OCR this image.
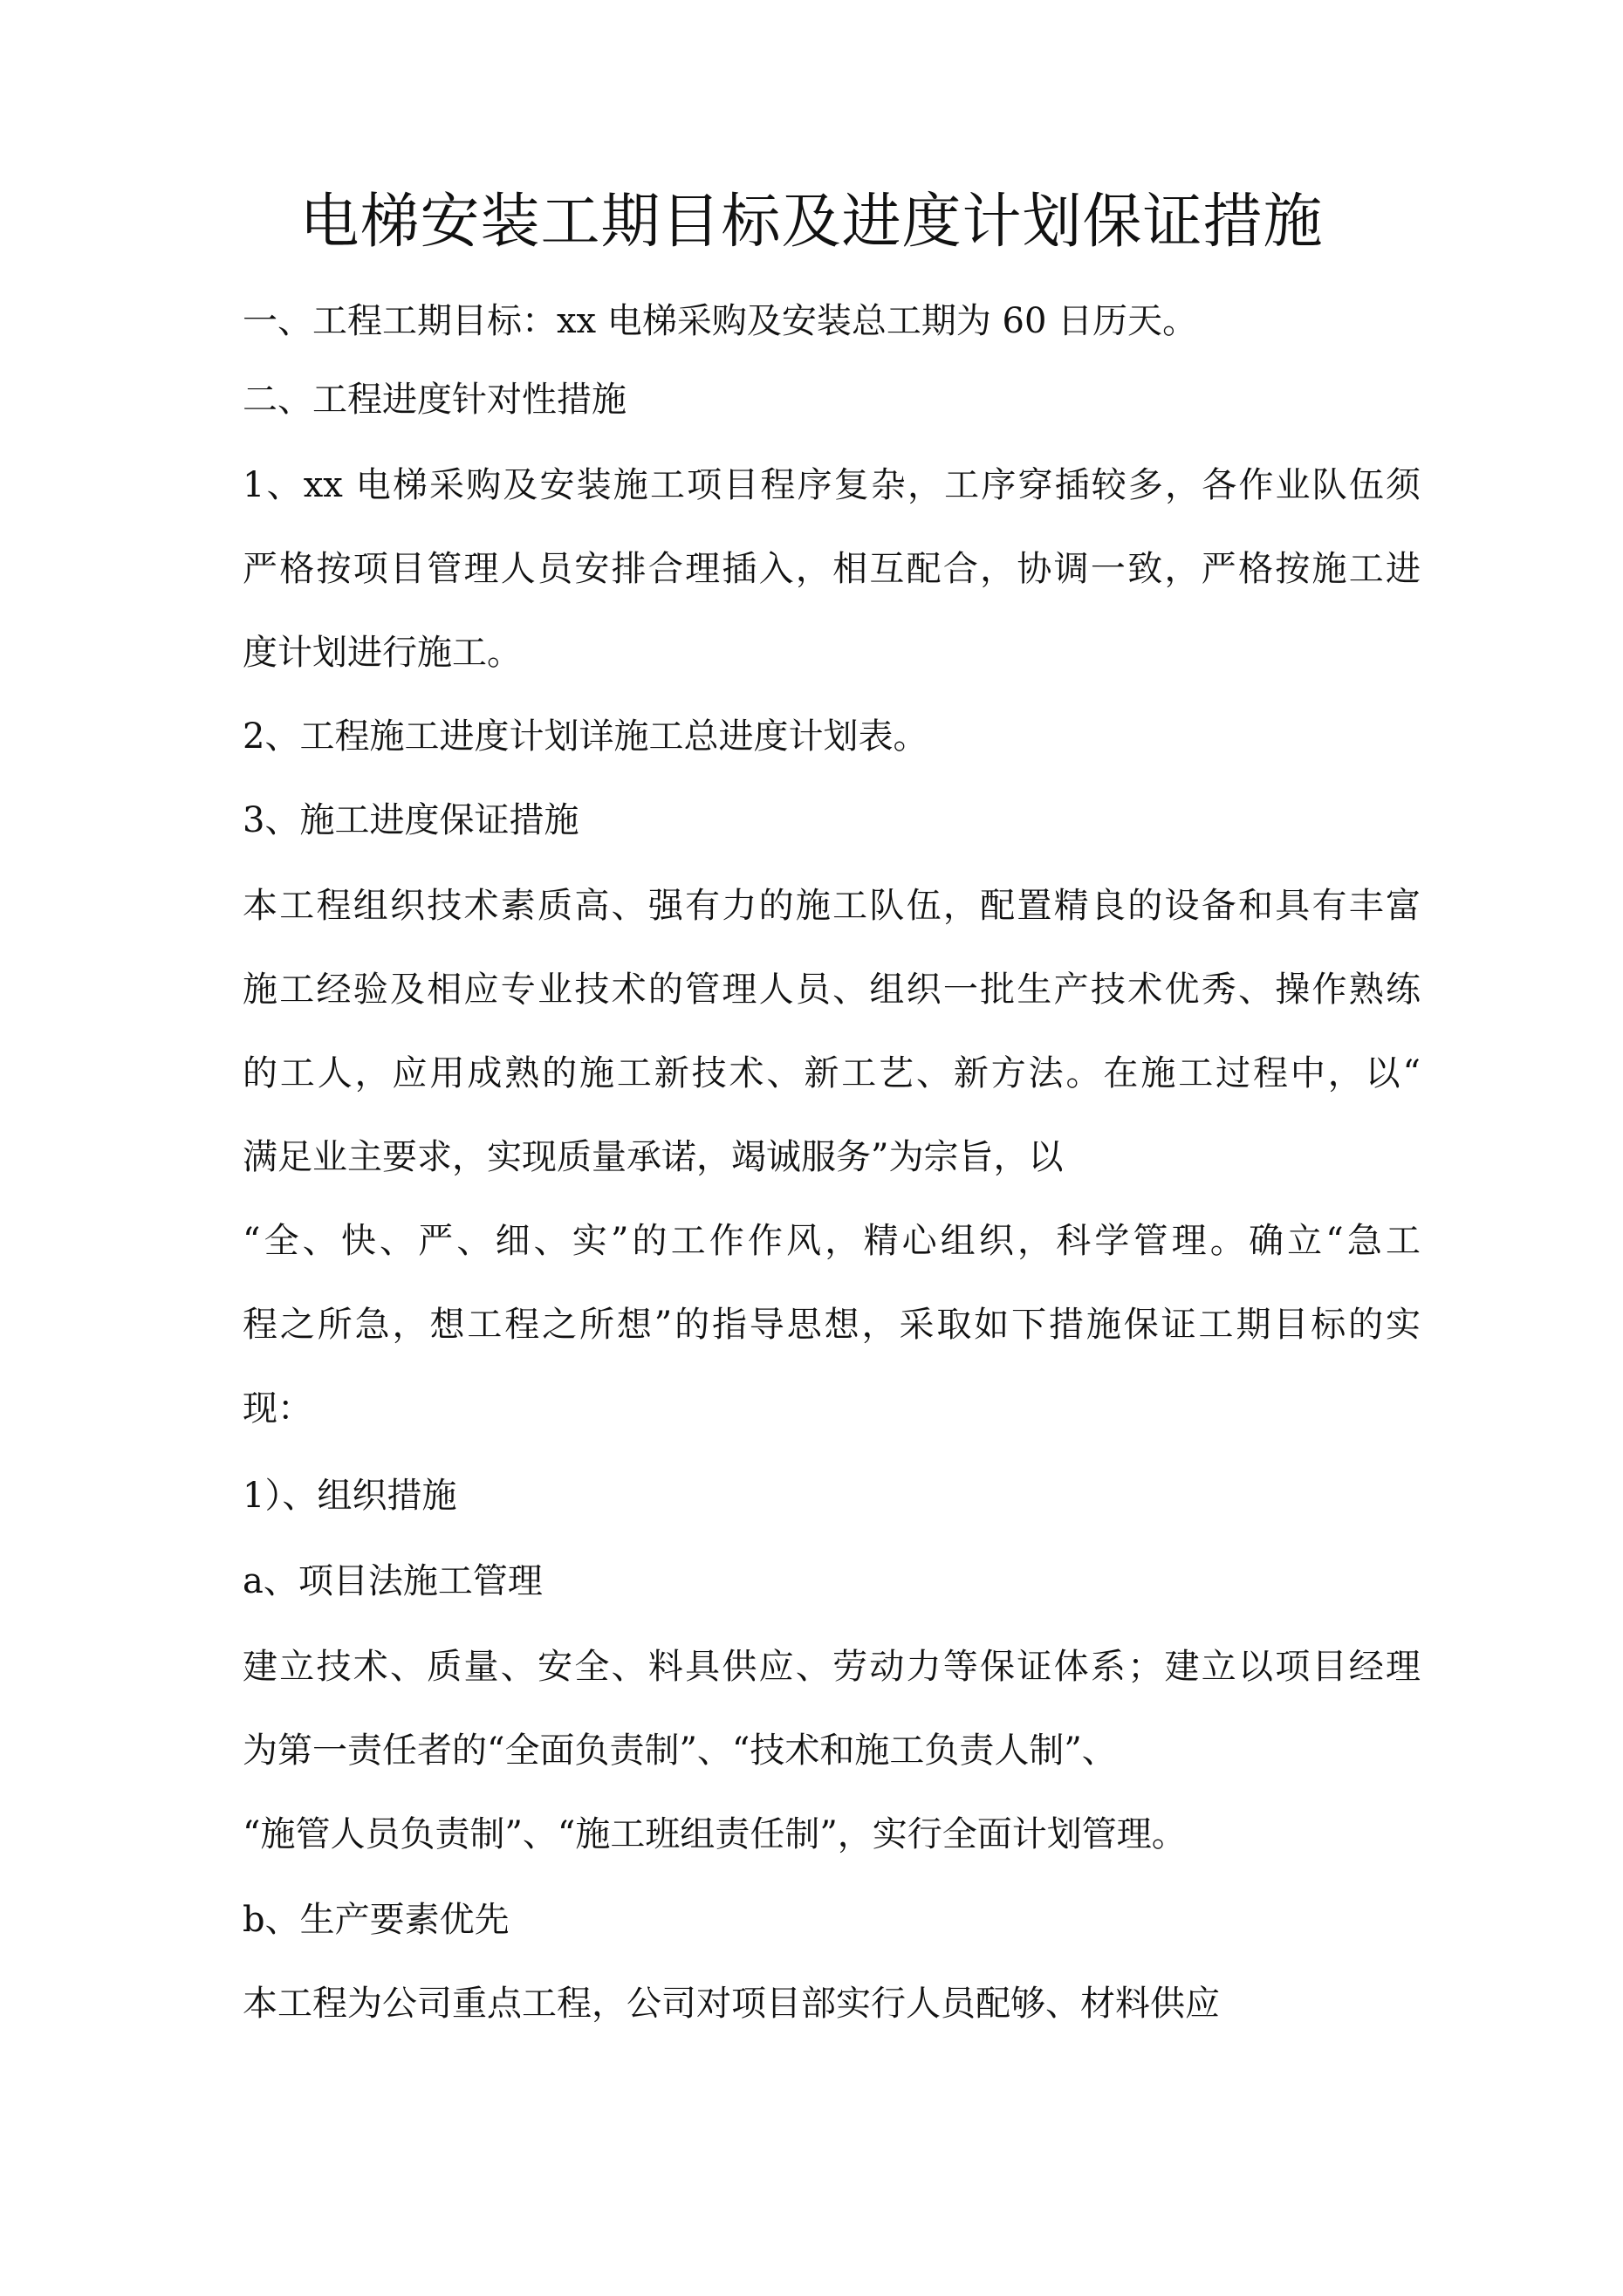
电梯安装工期目标及进度计划保证措施

一、工程工期目标：xx 电梯采购及安装总工期为 60 日历天。

二、工程进度针对性措施

1、xx 电梯采购及安装施工项目程序复杂，工序穿插较多，各作业队伍须

严格按项目管理人员安排合理插入，相互配合，协调一致，严格按施工进

度计划进行施工。

2、工程施工进度计划详施工总进度计划表。

3、施工进度保证措施

本工程组织技术素质高、强有力的施工队伍，配置精良的设备和具有丰富

施工经验及相应专业技术的管理人员、组织一批生产技术优秀、操作熟练

的工人，应用成熟的施工新技术、新工艺、新方法。在施工过程中，以“

满足业主要求，实现质量承诺，竭诚服务”为宗旨，以

“全、快、严、细、实”的工作作风，精心组织，科学管理。确立“急工

程之所急，想工程之所想”的指导思想，采取如下措施保证工期目标的实

现：

1）、组织措施

a、项目法施工管理

建立技术、质量、安全、料具供应、劳动力等保证体系；建立以项目经理

为第一责任者的“全面负责制”、“技术和施工负责人制”、

“施管人员负责制”、“施工班组责任制”，实行全面计划管理。

b、生产要素优先

本工程为公司重点工程，公司对项目部实行人员配够、材料供应
